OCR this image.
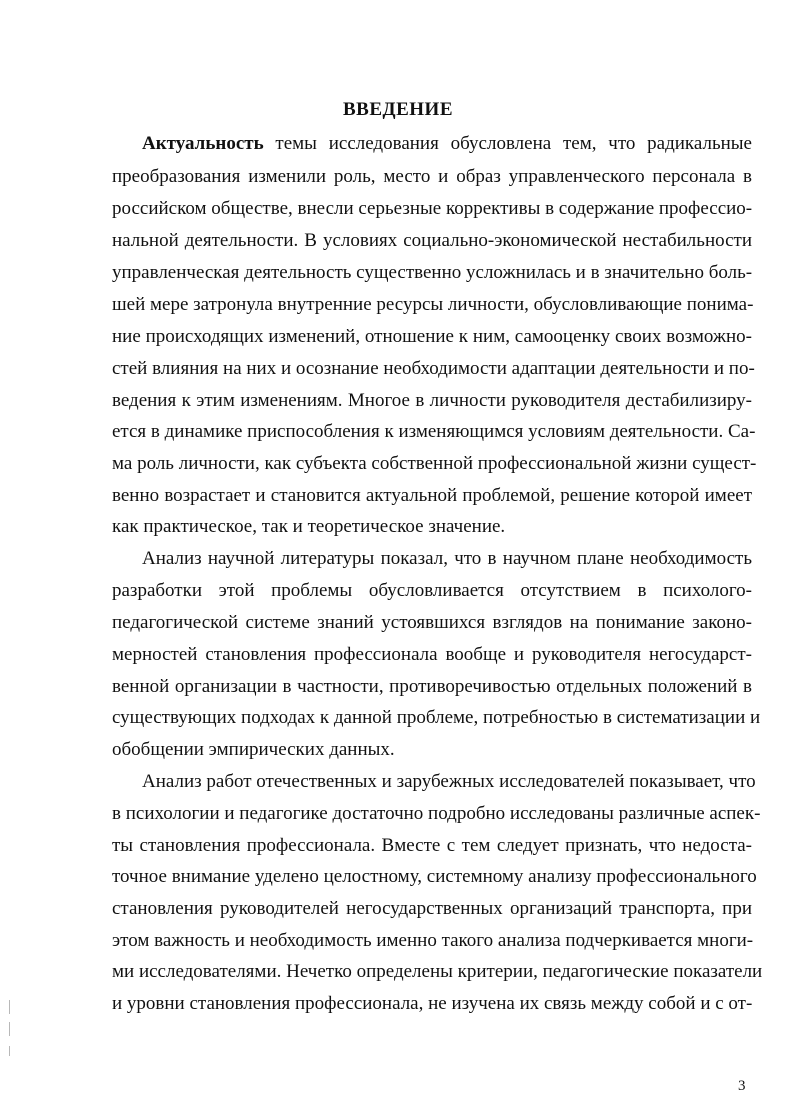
ВВЕДЕНИЕ
Актуальность темы исследования обусловлена тем, что радикальные
преобразования изменили роль, место и образ управленческого персонала в
российском обществе, внесли серьезные коррективы в содержание профессио-
нальной деятельности. В условиях социально-экономической нестабильности
управленческая деятельность существенно усложнилась и в значительно боль-
шей мере затронула внутренние ресурсы личности, обусловливающие понима-
ние происходящих изменений, отношение к ним, самооценку своих возможно-
стей влияния на них и осознание необходимости адаптации деятельности и по-
ведения к этим изменениям. Многое в личности руководителя дестабилизиру-
ется в динамике приспособления к изменяющимся условиям деятельности. Са-
ма роль личности, как субъекта собственной профессиональной жизни сущест-
венно возрастает и становится актуальной проблемой, решение которой имеет
как практическое, так и теоретическое значение.
Анализ научной литературы показал, что в научном плане необходимость
разработки этой проблемы обусловливается отсутствием в психолого-
педагогической системе знаний устоявшихся взглядов на понимание законо-
мерностей становления профессионала вообще и руководителя негосударст-
венной организации в частности, противоречивостью отдельных положений в
существующих подходах к данной проблеме, потребностью в систематизации и
обобщении эмпирических данных.
Анализ работ отечественных и зарубежных исследователей показывает, что
в психологии и педагогике достаточно подробно исследованы различные аспек-
ты становления профессионала. Вместе с тем следует признать, что недоста-
точное внимание уделено целостному, системному анализу профессионального
становления руководителей негосударственных организаций транспорта, при
этом важность и необходимость именно такого анализа подчеркивается многи-
ми исследователями. Нечетко определены критерии, педагогические показатели
и уровни становления профессионала, не изучена их связь между собой и с от-
3
